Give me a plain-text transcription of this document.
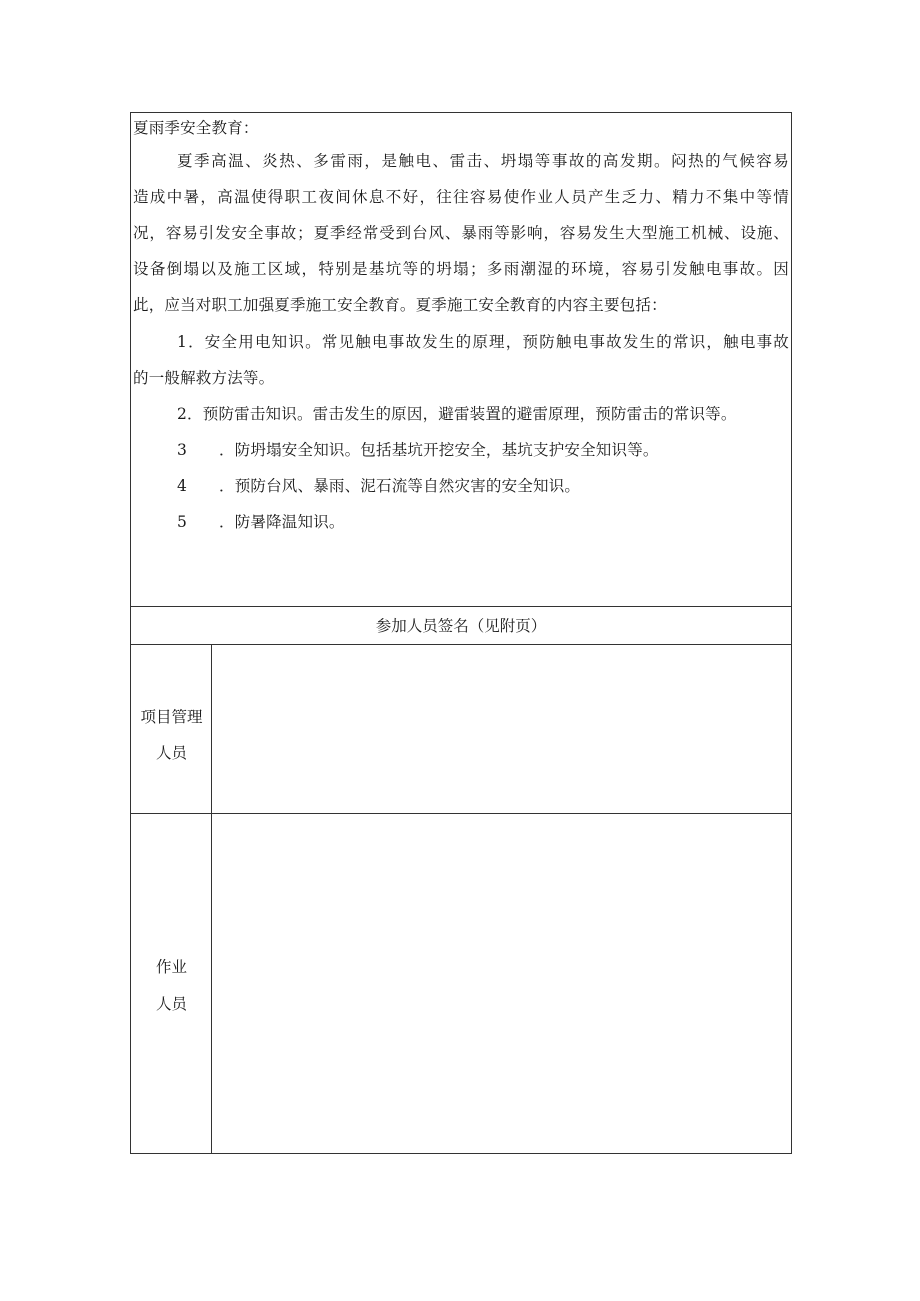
夏雨季安全教育：
夏季高温、炎热、多雷雨，是触电、雷击、坍塌等事故的高发期。闷热的气候容易
造成中暑，高温使得职工夜间休息不好，往往容易使作业人员产生乏力、精力不集中等情
况，容易引发安全事故；夏季经常受到台风、暴雨等影响，容易发生大型施工机械、设施、
设备倒塌以及施工区域，特别是基坑等的坍塌；多雨潮湿的环境，容易引发触电事故。因
此，应当对职工加强夏季施工安全教育。夏季施工安全教育的内容主要包括：
1．安全用电知识。常见触电事故发生的原理，预防触电事故发生的常识，触电事故
的一般解救方法等。
2．预防雷击知识。雷击发生的原因，避雷装置的避雷原理，预防雷击的常识等。
3 ．防坍塌安全知识。包括基坑开挖安全，基坑支护安全知识等。
4 ．预防台风、暴雨、泥石流等自然灾害的安全知识。
5 ．防暑降温知识。
参加人员签名（见附页）
项目管理
人员
作业
人员
